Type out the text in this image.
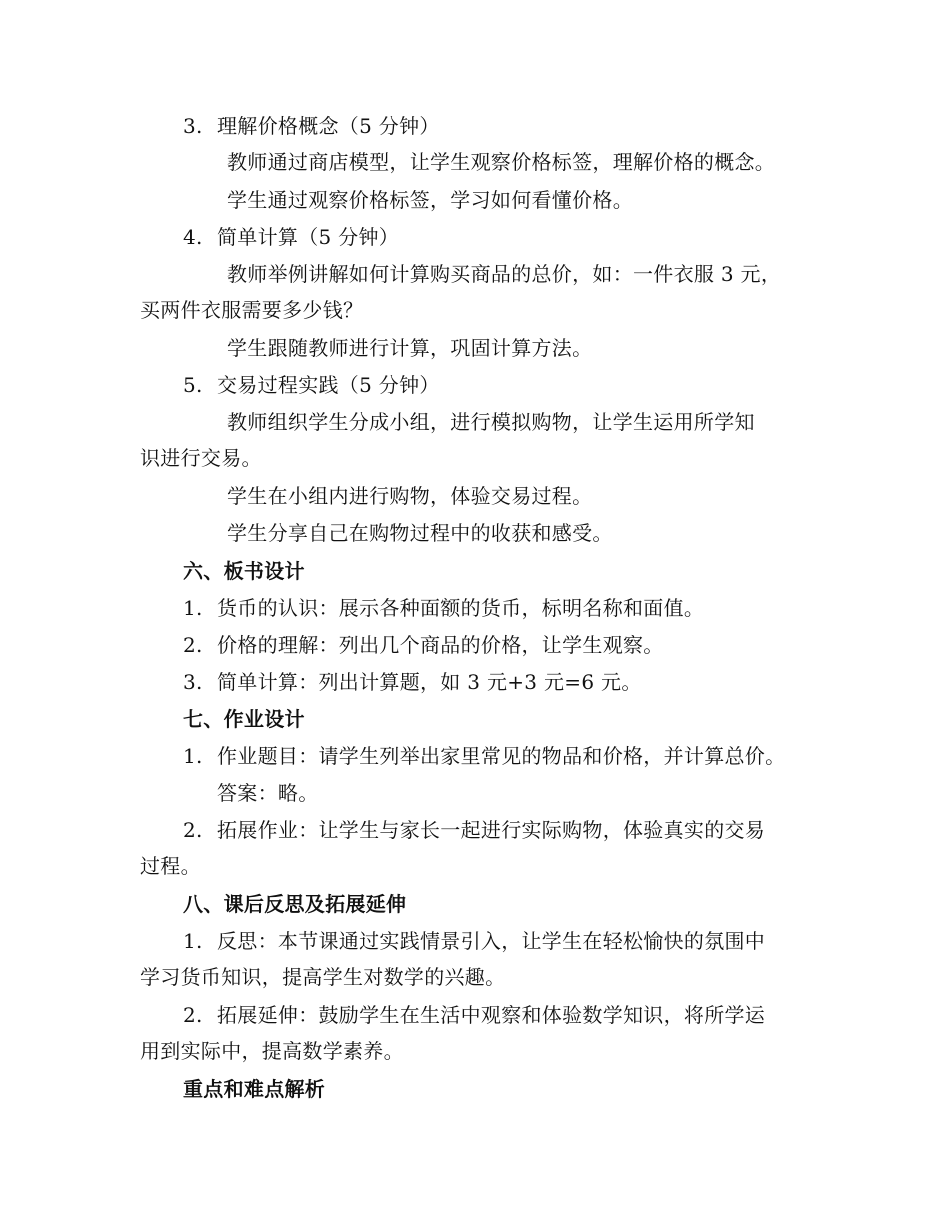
3. 理解价格概念（5 分钟）
教师通过商店模型，让学生观察价格标签，理解价格的概念。
学生通过观察价格标签，学习如何看懂价格。
4. 简单计算（5 分钟）
教师举例讲解如何计算购买商品的总价，如：一件衣服 3 元，
买两件衣服需要多少钱？
学生跟随教师进行计算，巩固计算方法。
5. 交易过程实践（5 分钟）
教师组织学生分成小组，进行模拟购物，让学生运用所学知
识进行交易。
学生在小组内进行购物，体验交易过程。
学生分享自己在购物过程中的收获和感受。
六、板书设计
1. 货币的认识：展示各种面额的货币，标明名称和面值。
2. 价格的理解：列出几个商品的价格，让学生观察。
3. 简单计算：列出计算题，如 3 元+3 元=6 元。
七、作业设计
1. 作业题目：请学生列举出家里常见的物品和价格，并计算总价。
答案：略。
2. 拓展作业：让学生与家长一起进行实际购物，体验真实的交易
过程。
八、课后反思及拓展延伸
1. 反思：本节课通过实践情景引入，让学生在轻松愉快的氛围中
学习货币知识，提高学生对数学的兴趣。
2. 拓展延伸：鼓励学生在生活中观察和体验数学知识，将所学运
用到实际中，提高数学素养。
重点和难点解析
